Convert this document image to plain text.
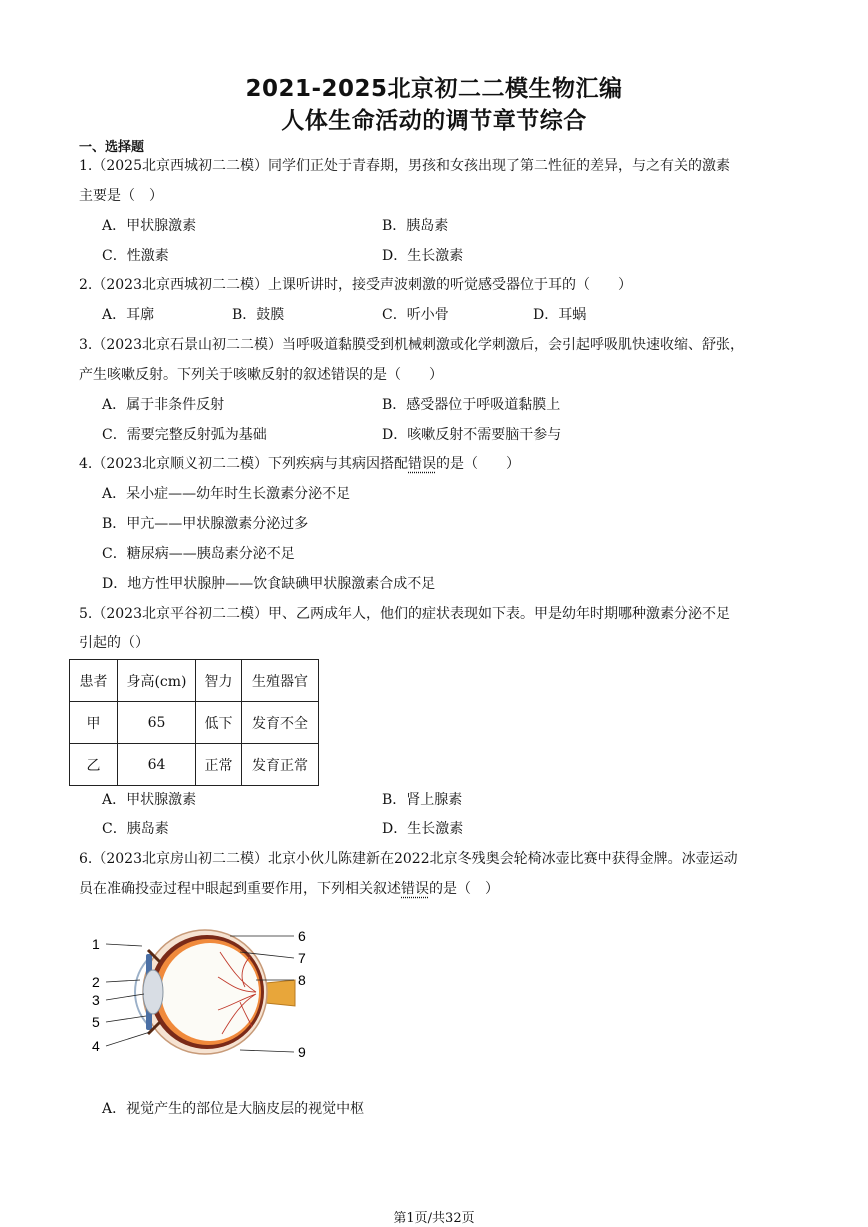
2021-2025北京初二二模生物汇编
人体生命活动的调节章节综合
一、选择题
1.（2025北京西城初二二模）同学们正处于青春期，男孩和女孩出现了第二性征的差异，与之有关的激素
主要是（　）
A．甲状腺激素	B．胰岛素
C．性激素	D．生长激素
2.（2023北京西城初二二模）上课听讲时，接受声波刺激的听觉感受器位于耳的（　　）
A．耳廓	B．鼓膜	C．听小骨	D．耳蜗
3.（2023北京石景山初二二模）当呼吸道黏膜受到机械刺激或化学刺激后，会引起呼吸肌快速收缩、舒张，
产生咳嗽反射。下列关于咳嗽反射的叙述错误的是（　　）
A．属于非条件反射	B．感受器位于呼吸道黏膜上
C．需要完整反射弧为基础	D．咳嗽反射不需要脑干参与
4.（2023北京顺义初二二模）下列疾病与其病因搭配错误的是（　　）
A．呆小症——幼年时生长激素分泌不足
B．甲亢——甲状腺激素分泌过多
C．糖尿病——胰岛素分泌不足
D．地方性甲状腺肿——饮食缺碘甲状腺激素合成不足
5.（2023北京平谷初二二模）甲、乙两成年人，他们的症状表现如下表。甲是幼年时期哪种激素分泌不足
引起的（）
患者	身高(cm)	智力	生殖器官
甲	65	低下	发育不全
乙	64	正常	发育正常
A．甲状腺激素	B．肾上腺素
C．胰岛素	D．生长激素
6.（2023北京房山初二二模）北京小伙儿陈建新在2022北京冬残奥会轮椅冰壶比赛中获得金牌。冰壶运动
员在准确投壶过程中眼起到重要作用，下列相关叙述错误的是（　）
1
2
3
5
4
6
7
8
9
A．视觉产生的部位是大脑皮层的视觉中枢
第1页/共32页
